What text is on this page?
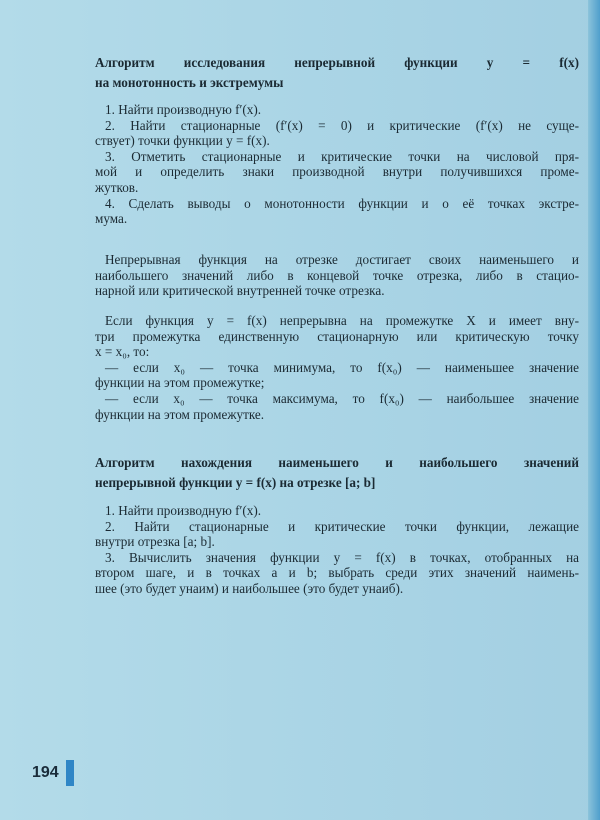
Алгоритм исследования непрерывной функции y = f(x)
на монотонность и экстремумы
1. Найти производную f′(x).
2. Найти стационарные (f′(x) = 0) и критические (f′(x) не суще-
ствует) точки функции y = f(x).
3. Отметить стационарные и критические точки на числовой пря-
мой и определить знаки производной внутри получившихся проме-
жутков.
4. Сделать выводы о монотонности функции и о её точках экстре-
мума.
Непрерывная функция на отрезке достигает своих наименьшего и
наибольшего значений либо в концевой точке отрезка, либо в стацио-
нарной или критической внутренней точке отрезка.
Если функция y = f(x) непрерывна на промежутке X и имеет вну-
три промежутка единственную стационарную или критическую точку
x = x₀, то:
— если x₀ — точка минимума, то f(x₀) — наименьшее значение
функции на этом промежутке;
— если x₀ — точка максимума, то f(x₀) — наибольшее значение
функции на этом промежутке.
Алгоритм нахождения наименьшего и наибольшего значений
непрерывной функции y = f(x) на отрезке [a; b]
1. Найти производную f′(x).
2. Найти стационарные и критические точки функции, лежащие
внутри отрезка [a; b].
3. Вычислить значения функции y = f(x) в точках, отобранных на
втором шаге, и в точках a и b; выбрать среди этих значений наимень-
шее (это будет yнаим) и наибольшее (это будет yнаиб).
194
